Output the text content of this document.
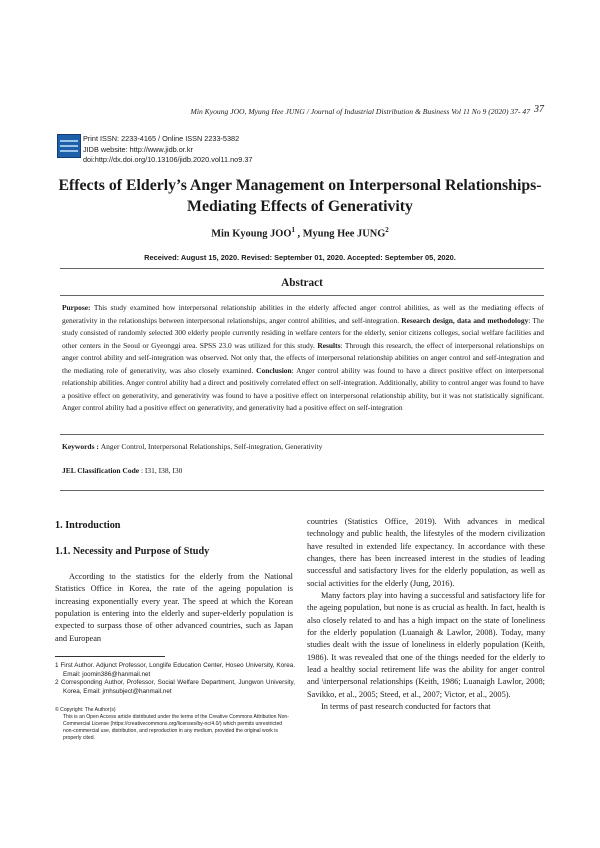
Min Kyoung JOO, Myung Hee JUNG / Journal of Industrial Distribution & Business Vol 11 No 9 (2020) 37- 47 37
Print ISSN: 2233-4165 / Online ISSN 2233-5382
JIDB website: http://www.jidb.or.kr
doi:http://dx.doi.org/10.13106/jidb.2020.vol11.no9.37
Effects of Elderly’s Anger Management on Interpersonal Relationships-
Mediating Effects of Generativity
Min Kyoung JOO$^1$ , Myung Hee JUNG$^2$
Received: August 15, 2020. Revised: September 01, 2020. Accepted: September 05, 2020.
Abstract
Purpose: This study examined how interpersonal relationship abilities in the elderly affected anger control abilities, as well as the mediating effects of generativity in the relationships between interpersonal relationships, anger control abilities, and self-integration. Research design, data and methodology: The study consisted of randomly selected 300 elderly people currently residing in welfare centers for the elderly, senior citizens colleges, social welfare facilities and other centers in the Seoul or Gyeonggi area. SPSS 23.0 was utilized for this study. Results: Through this research, the effect of interpersonal relationships on anger control ability and self-integration was observed. Not only that, the effects of interpersonal relationship abilities on anger control and self-integration and the mediating role of generativity, was also closely examined. Conclusion: Anger control ability was found to have a direct positive effect on interpersonal relationship abilities. Anger control ability had a direct and positively correlated effect on self-integration. Additionally, ability to control anger was found to have a positive effect on generativity, and generativity was found to have a positive effect on interpersonal relationship ability, but it was not statistically significant. Anger control ability had a positive effect on generativity, and generativity had a positive effect on self-integration
Keywords : Anger Control, Interpersonal Relationships, Self-integration, Generativity
JEL Classification Code : I31, I38, I30
1. Introduction
1.1. Necessity and Purpose of Study

According to the statistics for the elderly from the National Statistics Office in Korea, the rate of the ageing population is increasing exponentially every year. The speed at which the Korean population is entering into the elderly and super-elderly population is expected to surpass those of other advanced countries, such as Japan and European

1 First Author. Adjunct Professor, Longlife Education Center, Hoseo University, Korea. Email: joomin386@hanmail.net
2 Corresponding Author, Professor, Social Welfare Department, Jungwon University, Korea, Email: jmhsubject@hanmail.net
© Copyright: The Author(s)
This is an Open Access article distributed under the terms of the Creative Commons Attribution Non-Commercial License (https://creativecommons.org/licenses/by-nc/4.0/) which permits unrestricted non-commercial use, distribution, and reproduction in any medium, provided the original work is properly cited.

countries (Statistics Office, 2019). With advances in medical technology and public health, the lifestyles of the modern civilization have resulted in extended life expectancy. In accordance with these changes, there has been increased interest in the studies of leading successful and satisfactory lives for the elderly population, as well as social activities for the elderly (Jung, 2016).

Many factors play into having a successful and satisfactory life for the ageing population, but none is as crucial as health. In fact, health is also closely related to and has a high impact on the state of loneliness for the elderly population (Luanaigh & Lawlor, 2008). Today, many studies dealt with the issue of loneliness in elderly population (Keith, 1986). It was revealed that one of the things needed for the elderly to lead a healthy social retirement life was the ability for anger control and \interpersonal relationships (Keith, 1986; Luanaigh Lawlor, 2008; Savikko, et al., 2005; Steed, et al., 2007; Victor, et al., 2005).

In terms of past research conducted for factors that
